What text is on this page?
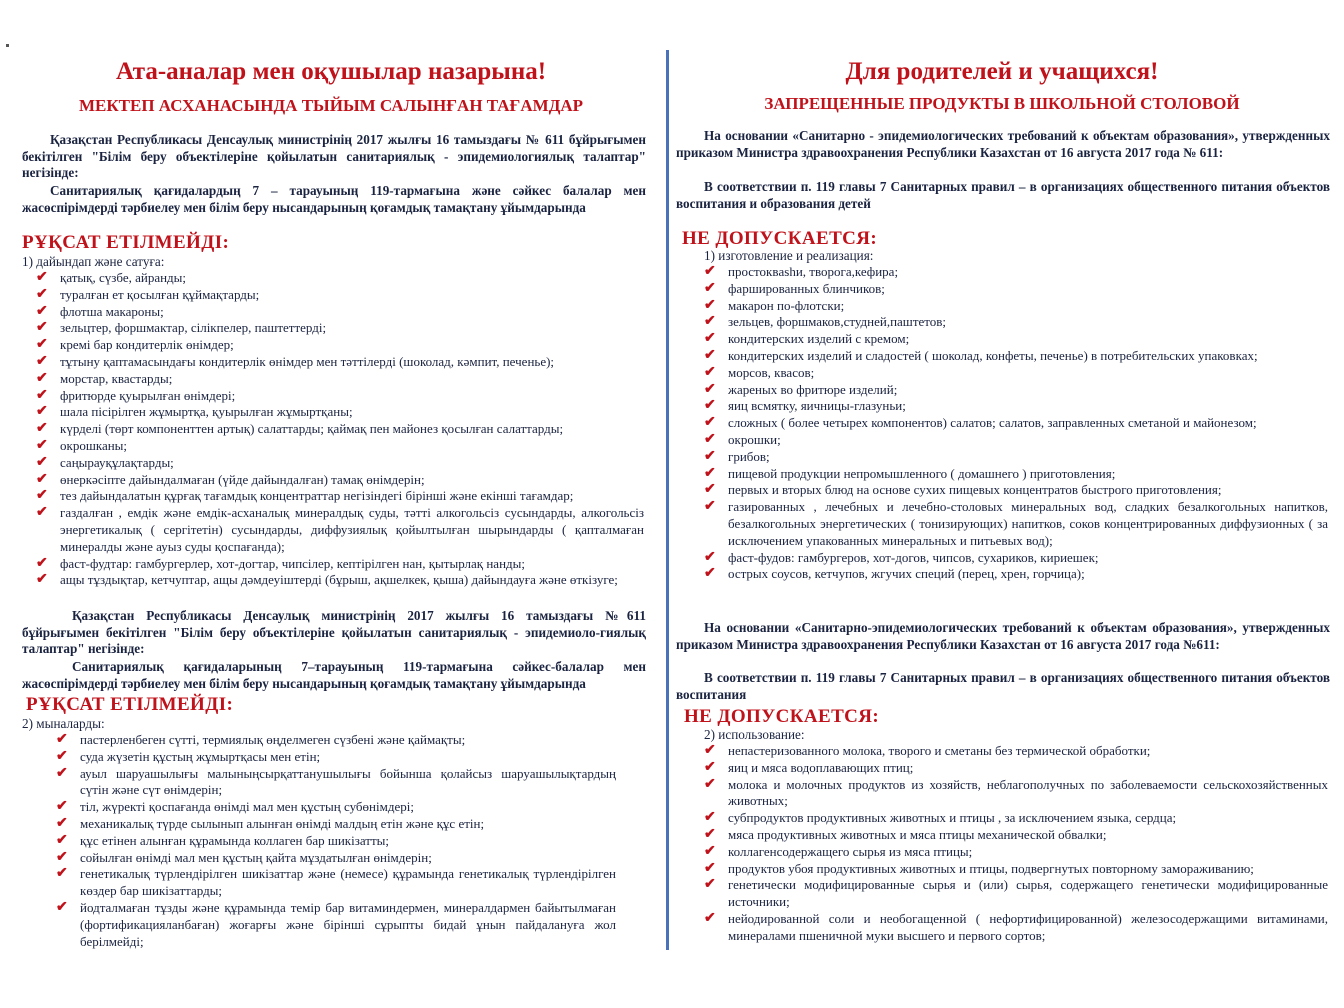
Ата-аналар мен оқушылар назарына!
МЕКТЕП АСХАНАСЫНДА ТЫЙЫМ САЛЫНҒАН ТАҒАМДАР
Қазақстан Республикасы Денсаулық министрінің 2017 жылғы 16 тамыздағы № 611 бұйрығымен бекітілген "Білім беру объектілеріне қойылатын санитариялық - эпидемиологиялық талаптар" негізінде:
Санитариялық қағидалардың 7 – тарауының 119-тармағына және сәйкес балалар мен жасөспірімдерді тәрбиелеу мен білім беру нысандарының қоғамдық тамақтану ұйымдарында
РҰҚСАТ ЕТІЛМЕЙДІ:
1) дайындап және сатуға:
✔ қатық, сүзбе, айранды;
✔ туралған ет қосылған құймақтарды;
✔ флотша макароны;
✔ зельцтер, форшмактар, сілікпелер, паштеттерді;
✔ кремі бар кондитерлік өнімдер;
✔ тұтыну қаптамасындағы кондитерлік өнімдер мен тәттілерді (шоколад, кәмпит, печенье);
✔ морстар, квастарды;
✔ фритюрде қуырылған өнімдері;
✔ шала пісірілген жұмыртқа, қуырылған жұмыртқаны;
✔ күрделі (төрт компоненттен артық) салаттарды; қаймақ пен майонез қосылған салаттарды;
✔ окрошканы;
✔ саңырауқұлақтарды;
✔ өнеркәсіпте дайындалмаған (үйде дайындалған) тамақ өнімдерін;
✔ тез дайындалатын құрғақ тағамдық концентраттар негізіндегі бірінші және екінші тағамдар;
✔ газдалған , емдік және емдік-асханалық минералдық суды, тәтті алкогольсіз сусындарды, алкогольсіз энергетикалық ( сергітетін) сусындарды, диффузиялық қойылтылған шырындарды ( қапталмаған минералды және ауыз суды қоспағанда);
✔ фаст-фудтар: гамбургерлер, хот-догтар, чипсілер, кептірілген нан, қытырлақ нанды;
✔ ащы тұздықтар, кетчуптар, ащы дәмдеуіштерді (бұрыш, ақшелкек, қыша) дайындауға және өткізуге;
Қазақстан Республикасы Денсаулық министрінің 2017 жылғы 16 тамыздағы №611 бұйрығымен бекітілген "Білім беру объектілеріне қойылатын санитариялық - эпидемиоло-гиялық талаптар" негізінде:
Санитариялық қағидаларының 7–тарауының 119-тармағына сәйкес-балалар мен жасөспірімдерді тәрбиелеу мен білім беру нысандарының қоғамдық тамақтану ұйымдарында
РҰҚСАТ ЕТІЛМЕЙДІ:
2) мыналарды:
✔ пастерленбеген сүтті, термиялық өңделмеген сүзбені және қаймақты;
✔ суда жүзетін құстың жұмыртқасы мен етін;
✔ ауыл шаруашылығы малыныңсырқаттанушылығы бойынша қолайсыз шаруашылықтардың сүтін және сүт өнімдерін;
✔ тіл, жүректі қоспағанда өнімді мал мен құстың субөнімдері;
✔ механикалық түрде сылынып алынған өнімді малдың етін және құс етін;
✔ құс етінен алынған құрамында коллаген бар шикізатты;
✔ сойылған өнімді мал мен құстың қайта мұздатылған өнімдерін;
✔ генетикалық түрлендірілген шикізаттар және (немесе) құрамында генетикалық түрлендірілген көздер бар шикізаттарды;
✔ йодталмаған тұзды және құрамында темір бар витаминдермен, минералдармен байытылмаған (фортификацияланбаған) жоғарғы және бірінші сұрыпты бидай ұнын пайдалануға жол берілмейді;
Для родителей и учащихся!
ЗАПРЕЩЕННЫЕ ПРОДУКТЫ В ШКОЛЬНОЙ СТОЛОВОЙ
На основании «Санитарно - эпидемиологических требований к объектам образования», утвержденных приказом Министра здравоохранения Республики Казахстан от 16 августа 2017 года № 611:
В соответствии п. 119 главы 7 Санитарных правил – в организациях общественного питания объектов воспитания и образования детей
НЕ ДОПУСКАЕТСЯ:
1) изготовление и реализация:
✔ простоквashи, творога,кефира;
✔ фаршированных блинчиков;
✔ макарон по-флотски;
✔ зельцев, форшмаков,студней,паштетов;
✔ кондитерских изделий с кремом;
✔ кондитерских изделий и сладостей ( шоколад, конфеты, печенье) в потребительских упаковках;
✔ морсов, квасов;
✔ жареных во фритюре изделий;
✔ яиц всмятку, яичницы-глазуньи;
✔ сложных ( более четырех компонентов) салатов; салатов, заправленных сметаной и майонезом;
✔ окрошки;
✔ грибов;
✔ пищевой продукции непромышленного ( домашнего ) приготовления;
✔ первых и вторых блюд на основе сухих пищевых концентратов быстрого приготовления;
✔ газированных , лечебных и лечебно-столовых минеральных вод, сладких безалкогольных напитков, безалкогольных энергетических ( тонизирующих) напитков, соков концентрированных диффузионных ( за исключением упакованных минеральных и питьевых вод);
✔ фаст-фудов: гамбургеров, хот-догов, чипсов, сухариков, кириешек;
✔ острых соусов, кетчупов, жгучих специй (перец, хрен, горчица);
На основании «Санитарно-эпидемиологических требований к объектам образования», утвержденных приказом Министра здравоохранения Республики Казахстан от 16 августа 2017 года №611:
В соответствии п. 119 главы 7 Санитарных правил – в организациях общественного питания объектов воспитания
НЕ ДОПУСКАЕТСЯ:
2) использование:
✔ непастеризованного молока, творого и сметаны без термической обработки;
✔ яиц и мяса водоплавающих птиц;
✔ молока и молочных продуктов из хозяйств, неблагополучных по заболеваемости сельскохозяйственных животных;
✔ субпродуктов продуктивных животных и птицы , за исключением языка, сердца;
✔ мяса продуктивных животных и мяса птицы механической обвалки;
✔ коллагенсодержащего сырья из мяса птицы;
✔ продуктов убоя продуктивных животных и птицы, подвергнутых повторному замораживанию;
✔ генетически модифицированные сырья и (или) сырья, содержащего генетически модифицированные источники;
✔ нейодированной соли и необогащенной ( нефортифицированной) железосодержащими витаминами, минералами пшеничной муки высшего и первого сортов;
